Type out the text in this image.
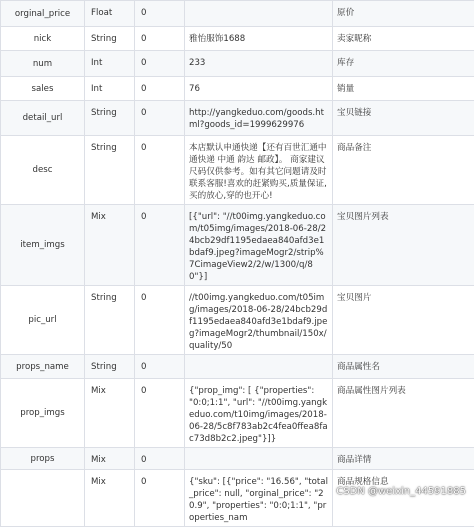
orginal_price	Float	0		原价
nick	String	0	雅怡服饰1688	卖家昵称
num	Int	0	233	库存
sales	Int	0	76	销量
detail_url	String	0	http://yangkeduo.com/goods.html?goods_id=1999629976	宝贝链接
desc	String	0	本店默认申通快递【还有百世汇通中通快递 中通 韵达 邮政】。 商家建议尺码仅供参考。如有其它问题请及时联系客服!喜欢的赶紧购买,质量保证,买的放心,穿的也开心!	商品备注
item_imgs	Mix	0	[{"url": "//t00img.yangkeduo.com/t05img/images/2018-06-28/24bcb29df1195edaea840afd3e1bdaf9.jpeg?imageMogr2/strip%7CimageView2/2/w/1300/q/80"}]	宝贝图片列表
pic_url	String	0	//t00img.yangkeduo.com/t05img/images/2018-06-28/24bcb29df1195edaea840afd3e1bdaf9.jpeg?imageMogr2/thumbnail/150x/quality/50	宝贝图片
props_name	String	0		商品属性名
prop_imgs	Mix	0	{"prop_img": [ {"properties": "0:0;1:1", "url": "//t00img.yangkeduo.com/t10img/images/2018-06-28/5c8f783ab2c4fea0ffea8fac73d8b2c2.jpeg"}]}	商品属性图片列表
props	Mix	0		商品详情
	Mix	0	{"sku": [{"price": "16.56", "total_price": null, "orginal_price": "20.9", "properties": "0:0;1:1", "properties_nam	商品规格信息
CSDN @weixin_44591885
